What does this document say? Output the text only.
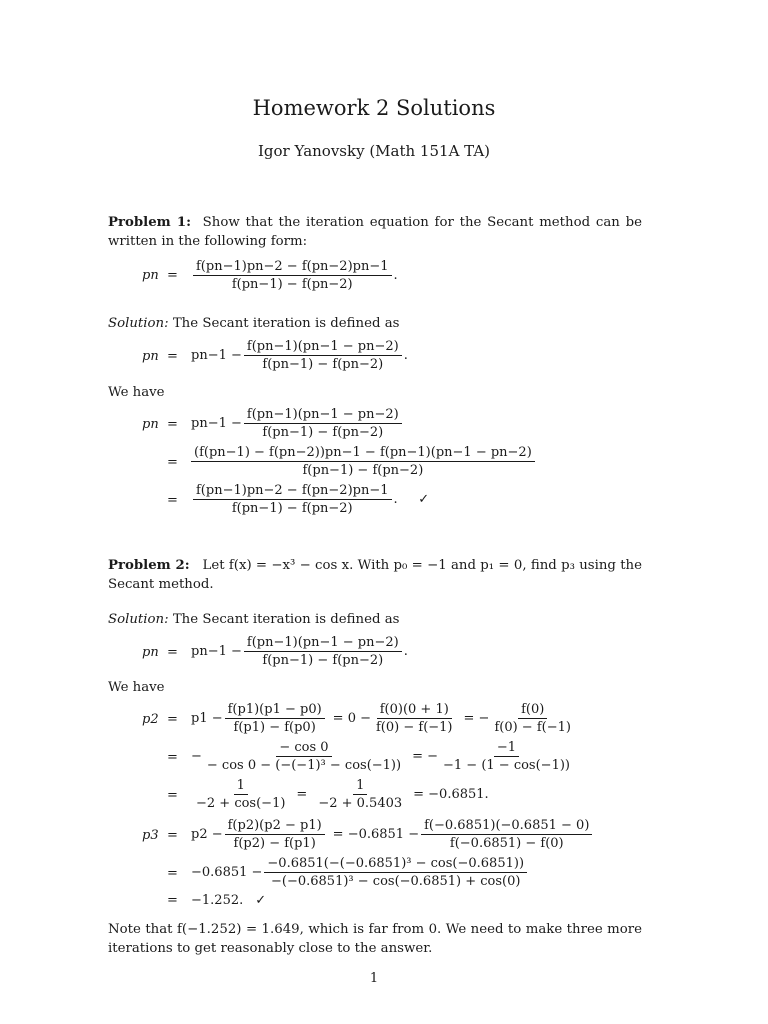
Homework 2 Solutions
Igor Yanovsky (Math 151A TA)
Problem 1: Show that the iteration equation for the Secant method can be written in the following form:
pn = $\frac{f(pn-1)pn-2 - f(pn-2)pn-1}{f(pn-1) - f(pn-2)}$ .
Solution: The Secant iteration is defined as
pn = $pn-1 - \frac{f(pn-1)(pn-1 - pn-2)}{f(pn-1) - f(pn-2)}$ .
We have
pn = $pn-1 - \frac{f(pn-1)(pn-1 - pn-2)}{f(pn-1) - f(pn-2)}$
= $\frac{(f(pn-1) - f(pn-2))pn-1 - f(pn-1)(pn-1 - pn-2)}{f(pn-1) - f(pn-2)}$
= $\frac{f(pn-1)pn-2 - f(pn-2)pn-1}{f(pn-1) - f(pn-2)}$ . ✓
Problem 2: Let f(x) = −x³ − cos x. With p₀ = −1 and p₁ = 0, find p₃ using the Secant method.
Solution: The Secant iteration is defined as
pn = $pn-1 - \frac{f(pn-1)(pn-1 - pn-2)}{f(pn-1) - f(pn-2)}$ .
We have
$p2 = p1 - \frac{f(p1)(p1 - p0)}{f(p1) - f(p0)} = 0 - \frac{f(0)(0 + 1)}{f(0) - f(-1)}$ = − $\frac{f(0)}{f(0) - f(-1)}$
= − $\frac{- \cos 0}{\text{− cos 0 − (−(−1)³ − cos(−1))}}$ = − $\frac{-1}{-1 - (1 - \cos(-1))}$
= $\frac{1}{-2 + \cos(-1)} = \frac{1}{-2 + 0.5403} = -0.6851$.
$p3 = p2 - \frac{f(p2)(p2 - p1)}{f(p2) - f(p1)} = -0.6851 - \frac{f(-0.6851)(-0.6851 - 0)}{f(-0.6851) - f(0)}$
= $-0.6851 - \frac{\text{−0.6851(−(−0.6851)³ − cos(−0.6851))}}{\text{−(−0.6851)³ − cos(−0.6851) + cos(0)}}$
= −1.252. ✓
Note that f(−1.252) = 1.649, which is far from 0. We need to make three more iterations to get reasonably close to the answer.
1
